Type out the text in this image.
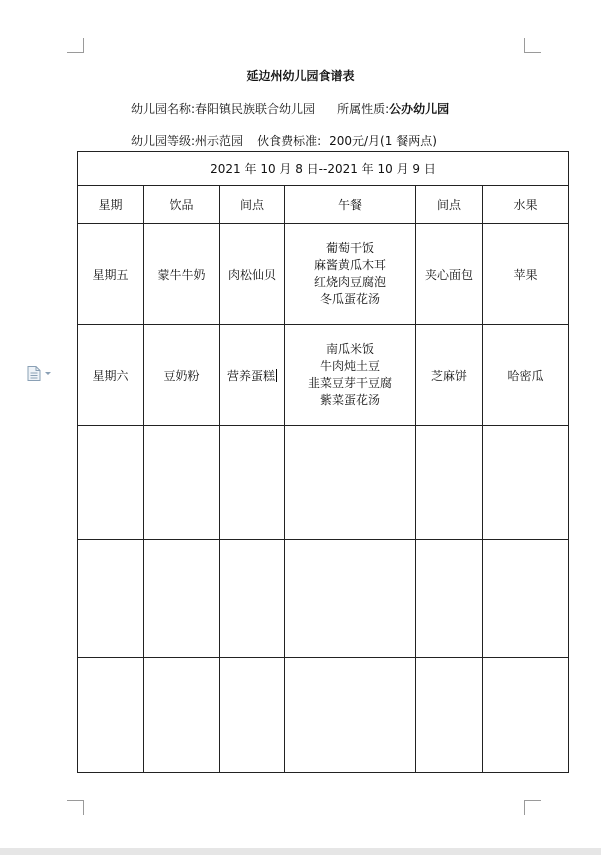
延边州幼儿园食谱表
幼儿园名称:春阳镇民族联合幼儿园 所属性质:公办幼儿园
幼儿园等级:州示范园 伙食费标准: 200元/月(1 餐两点)
2021 年 10 月 8 日--2021 年 10 月 9 日					
星期	饮品	间点	午餐	间点	水果
星期五	蒙牛牛奶	肉松仙贝	葡萄干饭
麻酱黄瓜木耳
红烧肉豆腐泡
冬瓜蛋花汤	夹心面包	苹果
星期六	豆奶粉	营养蛋糕	南瓜米饭
牛肉炖土豆
韭菜豆芽干豆腐
紫菜蛋花汤	芝麻饼	哈密瓜
